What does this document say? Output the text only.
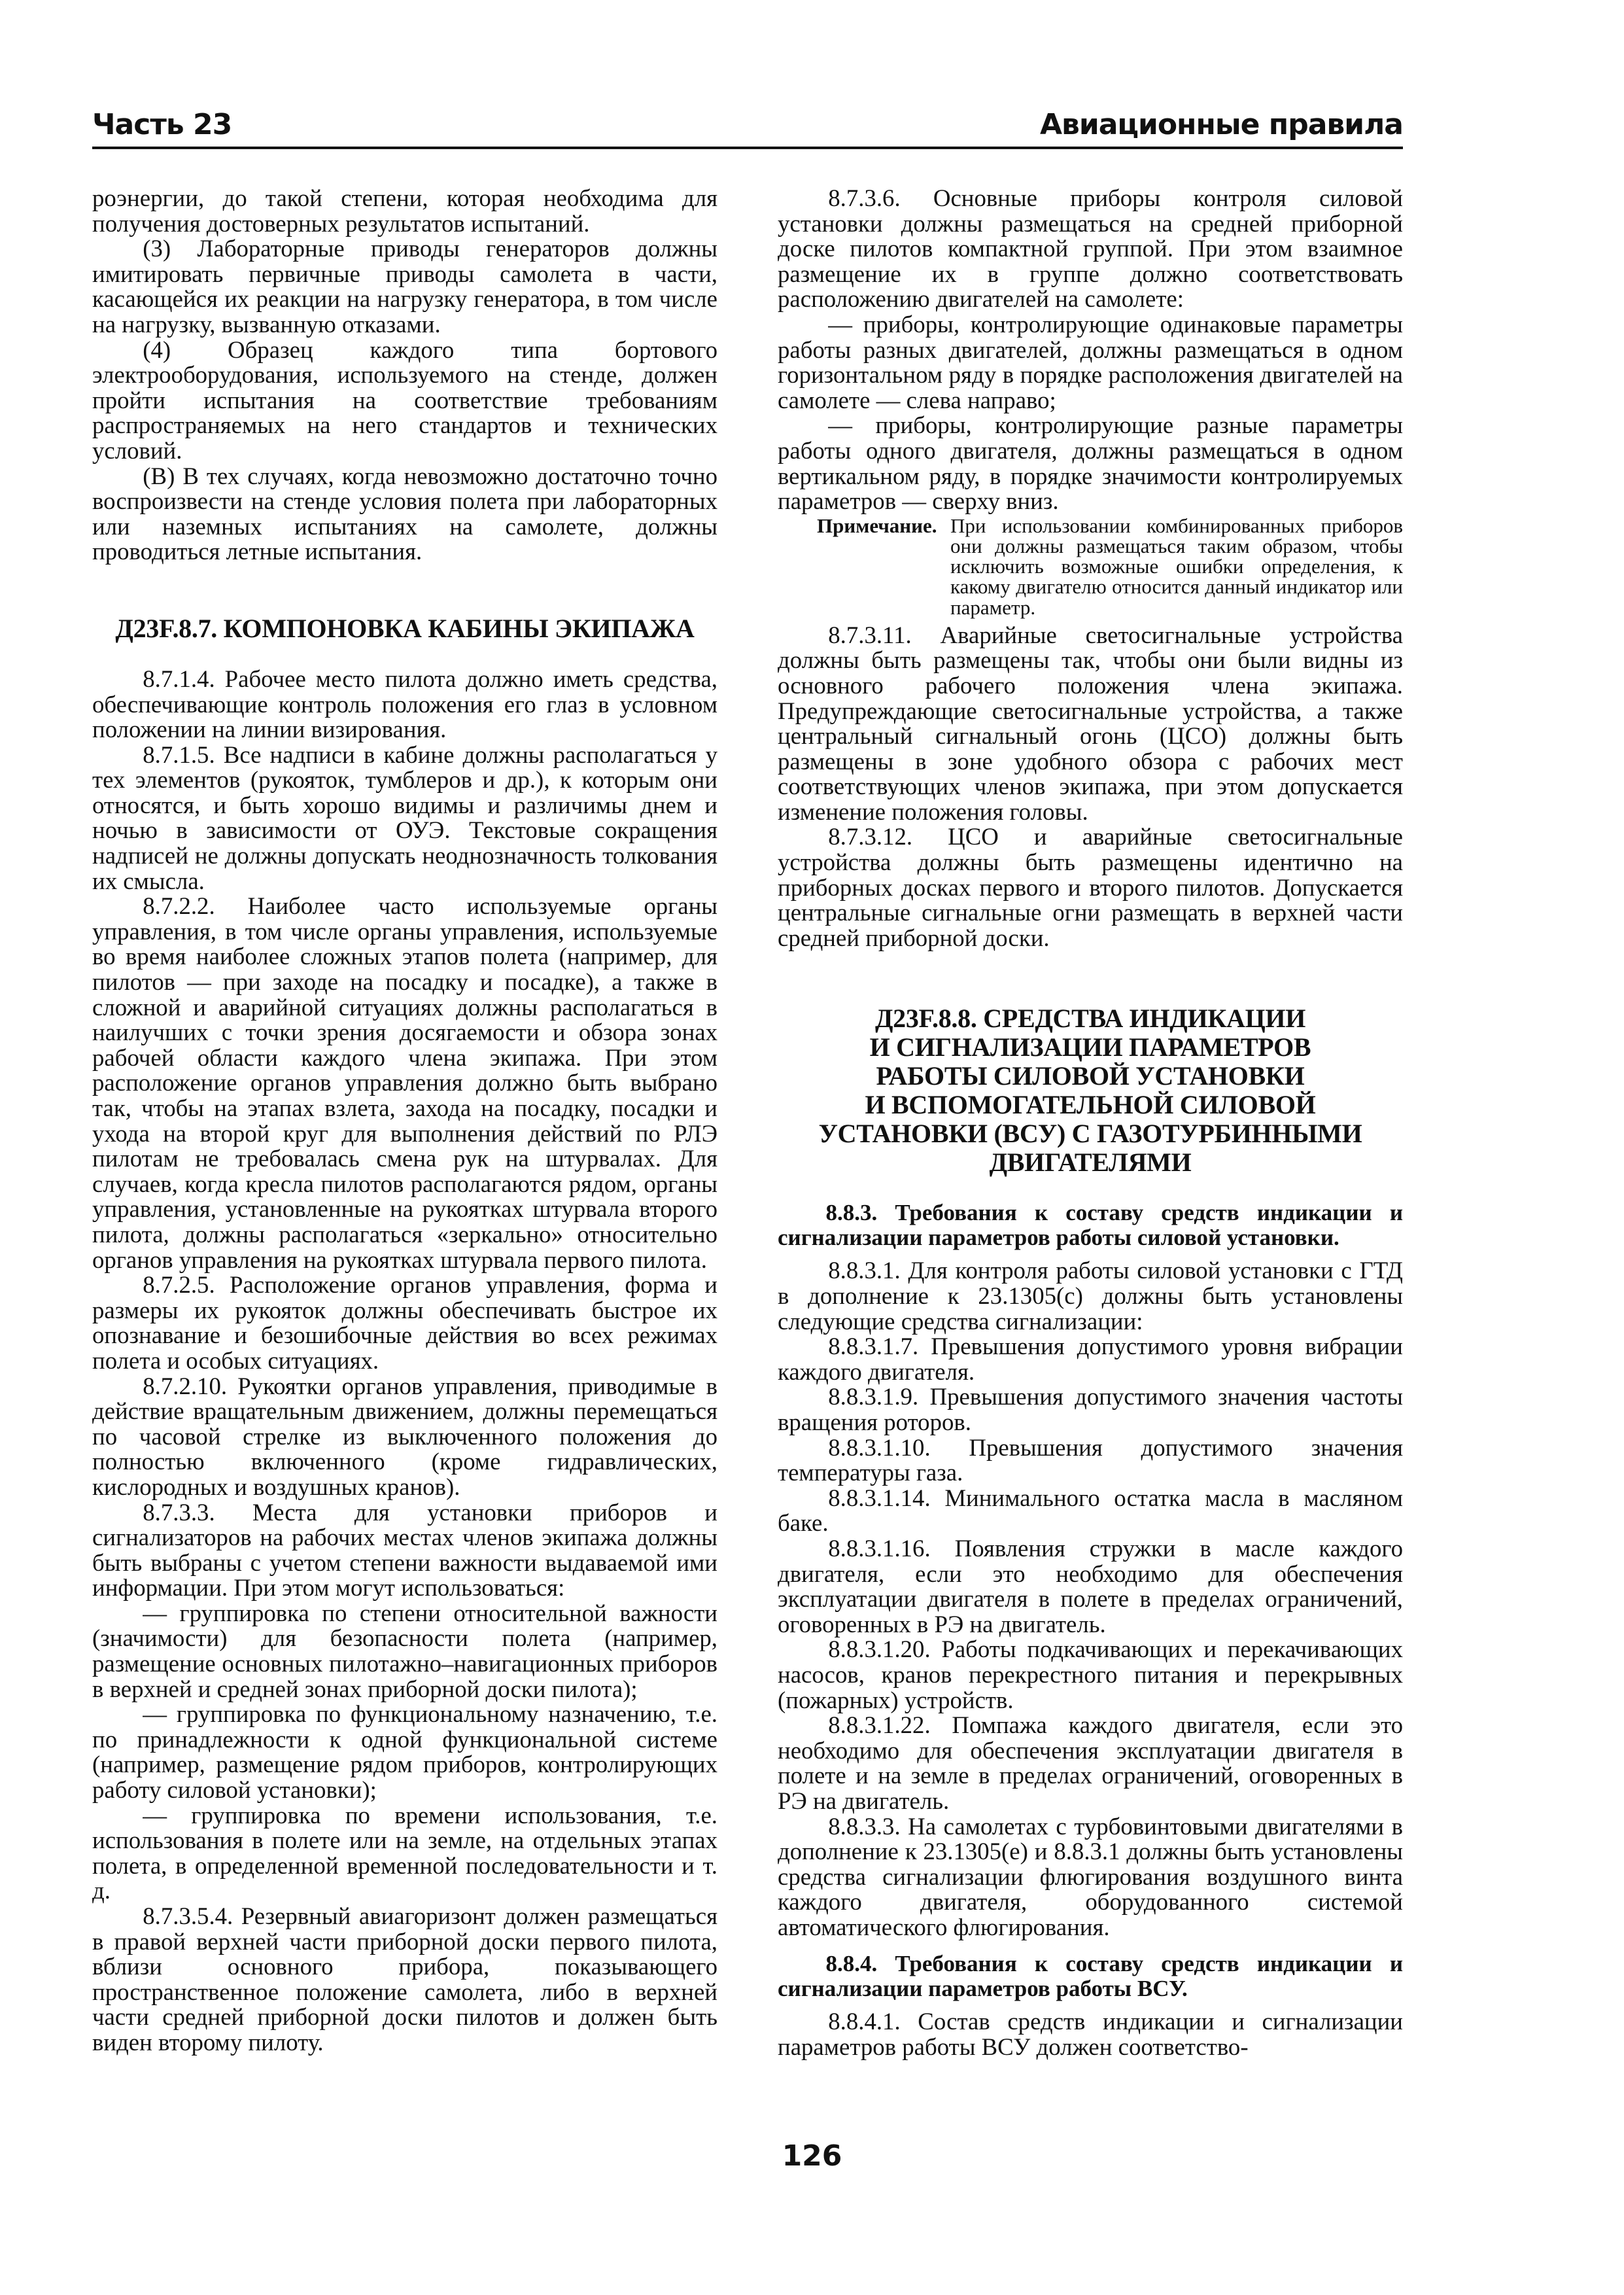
Часть 23	Авиационные правила

роэнергии, до такой степени, которая необходима для получения достоверных результатов испытаний.

(3) Лабораторные приводы генераторов должны имитировать первичные приводы самолета в части, касающейся их реакции на нагрузку генератора, в том числе на нагрузку, вызванную отказами.

(4) Образец каждого типа бортового электрооборудования, используемого на стенде, должен пройти испытания на соответствие требованиям распространяемых на него стандартов и технических условий.

(В) В тех случаях, когда невозможно достаточно точно воспроизвести на стенде условия полета при лабораторных или наземных испытаниях на самолете, должны проводиться летные испытания.

Д23F.8.7. КОМПОНОВКА КАБИНЫ ЭКИПАЖА

8.7.1.4. Рабочее место пилота должно иметь средства, обеспечивающие контроль положения его глаз в условном положении на линии визирования.

8.7.1.5. Все надписи в кабине должны располагаться у тех элементов (рукояток, тумблеров и др.), к которым они относятся, и быть хорошо видимы и различимы днем и ночью в зависимости от ОУЭ. Текстовые сокращения надписей не должны допускать неоднозначность толкования их смысла.

8.7.2.2. Наиболее часто используемые органы управления, в том числе органы управления, используемые во время наиболее сложных этапов полета (например, для пилотов — при заходе на посадку и посадке), а также в сложной и аварийной ситуациях должны располагаться в наилучших с точки зрения досягаемости и обзора зонах рабочей области каждого члена экипажа. При этом расположение органов управления должно быть выбрано так, чтобы на этапах взлета, захода на посадку, посадки и ухода на второй круг для выполнения действий по РЛЭ пилотам не требовалась смена рук на штурвалах. Для случаев, когда кресла пилотов располагаются рядом, органы управления, установленные на рукоятках штурвала второго пилота, должны располагаться «зеркально» относительно органов управления на рукоятках штурвала первого пилота.

8.7.2.5. Расположение органов управления, форма и размеры их рукояток должны обеспечивать быстрое их опознавание и безошибочные действия во всех режимах полета и особых ситуациях.

8.7.2.10. Рукоятки органов управления, приводимые в действие вращательным движением, должны перемещаться по часовой стрелке из выключенного положения до полностью включенного (кроме гидравлических, кислородных и воздушных кранов).

8.7.3.3. Места для установки приборов и сигнализаторов на рабочих местах членов экипажа должны быть выбраны с учетом степени важности выдаваемой ими информации. При этом могут использоваться:

— группировка по степени относительной важности (значимости) для безопасности полета (например, размещение основных пилотажно–навигационных приборов в верхней и средней зонах приборной доски пилота);

— группировка по функциональному назначению, т.е. по принадлежности к одной функциональной системе (например, размещение рядом приборов, контролирующих работу силовой установки);

— группировка по времени использования, т.е. использования в полете или на земле, на отдельных этапах полета, в определенной временной последовательности и т. д.

8.7.3.5.4. Резервный авиагоризонт должен размещаться в правой верхней части приборной доски первого пилота, вблизи основного прибора, показывающего пространственное положение самолета, либо в верхней части средней приборной доски пилотов и должен быть виден второму пилоту.

8.7.3.6. Основные приборы контроля силовой установки должны размещаться на средней приборной доске пилотов компактной группой. При этом взаимное размещение их в группе должно соответствовать расположению двигателей на самолете:

— приборы, контролирующие одинаковые параметры работы разных двигателей, должны размещаться в одном горизонтальном ряду в порядке расположения двигателей на самолете — слева направо;

— приборы, контролирующие разные параметры работы одного двигателя, должны размещаться в одном вертикальном ряду, в порядке значимости контролируемых параметров — сверху вниз.

Примечание. При использовании комбинированных приборов они должны размещаться таким образом, чтобы исключить возможные ошибки определения, к какому двигателю относится данный индикатор или параметр.

8.7.3.11. Аварийные светосигнальные устройства должны быть размещены так, чтобы они были видны из основного рабочего положения члена экипажа. Предупреждающие светосигнальные устройства, а также центральный сигнальный огонь (ЦСО) должны быть размещены в зоне удобного обзора с рабочих мест соответствующих членов экипажа, при этом допускается изменение положения головы.

8.7.3.12. ЦСО и аварийные светосигнальные устройства должны быть размещены идентично на приборных досках первого и второго пилотов. Допускается центральные сигнальные огни размещать в верхней части средней приборной доски.

Д23F.8.8. СРЕДСТВА ИНДИКАЦИИ
И СИГНАЛИЗАЦИИ ПАРАМЕТРОВ
РАБОТЫ СИЛОВОЙ УСТАНОВКИ
И ВСПОМОГАТЕЛЬНОЙ СИЛОВОЙ
УСТАНОВКИ (ВСУ) С ГАЗОТУРБИННЫМИ
ДВИГАТЕЛЯМИ

8.8.3. Требования к составу средств индикации и сигнализации параметров работы силовой установки.

8.8.3.1. Для контроля работы силовой установки с ГТД в дополнение к 23.1305(с) должны быть установлены следующие средства сигнализации:

8.8.3.1.7. Превышения допустимого уровня вибрации каждого двигателя.

8.8.3.1.9. Превышения допустимого значения частоты вращения роторов.

8.8.3.1.10. Превышения допустимого значения температуры газа.

8.8.3.1.14. Минимального остатка масла в масляном баке.

8.8.3.1.16. Появления стружки в масле каждого двигателя, если это необходимо для обеспечения эксплуатации двигателя в полете в пределах ограничений, оговоренных в РЭ на двигатель.

8.8.3.1.20. Работы подкачивающих и перекачивающих насосов, кранов перекрестного питания и перекрывных (пожарных) устройств.

8.8.3.1.22. Помпажа каждого двигателя, если это необходимо для обеспечения эксплуатации двигателя в полете и на земле в пределах ограничений, оговоренных в РЭ на двигатель.

8.8.3.3. На самолетах с турбовинтовыми двигателями в дополнение к 23.1305(е) и 8.8.3.1 должны быть установлены средства сигнализации флюгирования воздушного винта каждого двигателя, оборудованного системой автоматического флюгирования.

8.8.4. Требования к составу средств индикации и сигнализации параметров работы ВСУ.

8.8.4.1. Состав средств индикации и сигнализации параметров работы ВСУ должен соответство-

126
